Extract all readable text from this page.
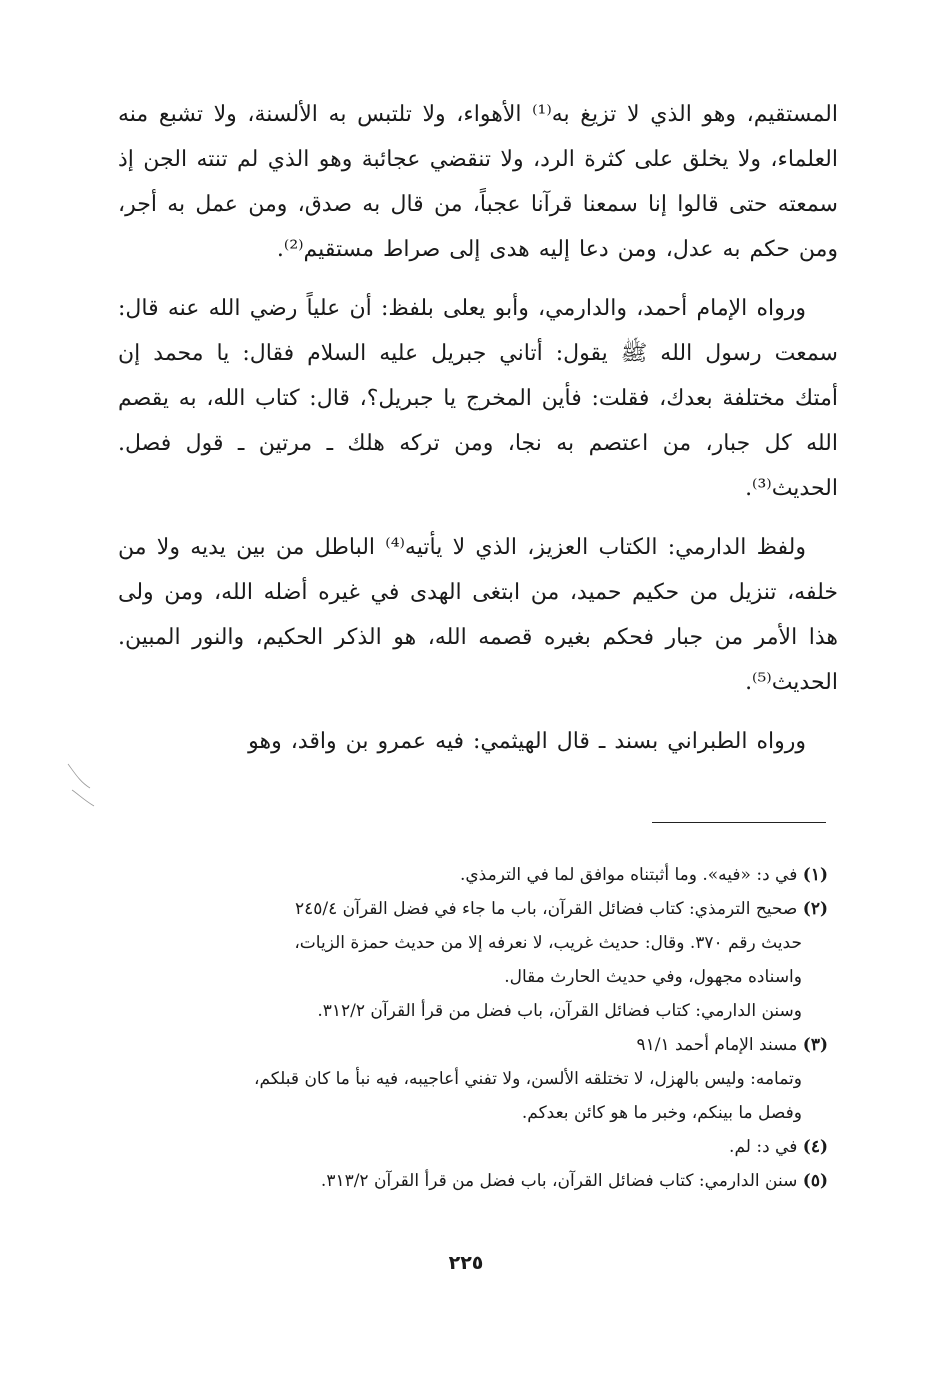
المستقيم، وهو الذي لا تزيغ به⁽¹⁾ الأهواء، ولا تلتبس به الألسنة، ولا تشبع منه العلماء، ولا يخلق على كثرة الرد، ولا تنقضي عجائبة وهو الذي لم تنته الجن إذ سمعته حتى قالوا إنا سمعنا قرآنا عجباً، من قال به صدق، ومن عمل به أجر، ومن حكم به عدل، ومن دعا إليه هدى إلى صراط مستقيم⁽²⁾.

ورواه الإمام أحمد، والدارمي، وأبو يعلى بلفظ: أن علياً رضي الله عنه قال: سمعت رسول الله ﷺ يقول: أتاني جبريل عليه السلام فقال: يا محمد إن أمتك مختلفة بعدك، فقلت: فأين المخرج يا جبريل؟، قال: كتاب الله، به يقصم الله كل جبار، من اعتصم به نجا، ومن تركه هلك ـ مرتين ـ قول فصل. الحديث⁽³⁾.

ولفظ الدارمي: الكتاب العزيز، الذي لا يأتيه⁽⁴⁾ الباطل من بين يديه ولا من خلفه، تنزيل من حكيم حميد، من ابتغى الهدى في غيره أضله الله، ومن ولى هذا الأمر من جبار فحكم بغيره قصمه الله، هو الذكر الحكيم، والنور المبين. الحديث⁽⁵⁾.

ورواه الطبراني بسند ـ قال الهيثمي: فيه عمرو بن واقد، وهو

(١) في د: «فيه». وما أثبتناه موافق لما في الترمذي.

(٢) صحيح الترمذي: كتاب فضائل القرآن، باب ما جاء في فضل القرآن ٢٤٥/٤

حديث رقم ٣٧٠. وقال: حديث غريب، لا نعرفه إلا من حديث حمزة الزيات،

واسناده مجهول، وفي حديث الحارث مقال.

وسنن الدارمي: كتاب فضائل القرآن، باب فضل من قرأ القرآن ٣١٢/٢.

(٣) مسند الإمام أحمد ٩١/١

وتمامه: وليس بالهزل، لا تختلقه الألسن، ولا تفني أعاجيبه، فيه نبأ ما كان قبلكم،

وفصل ما بينكم، وخبر ما هو كائن بعدكم.

(٤) في د: لم.

(٥) سنن الدارمي: كتاب فضائل القرآن، باب فضل من قرأ القرآن ٣١٣/٢.

٢٢٥
